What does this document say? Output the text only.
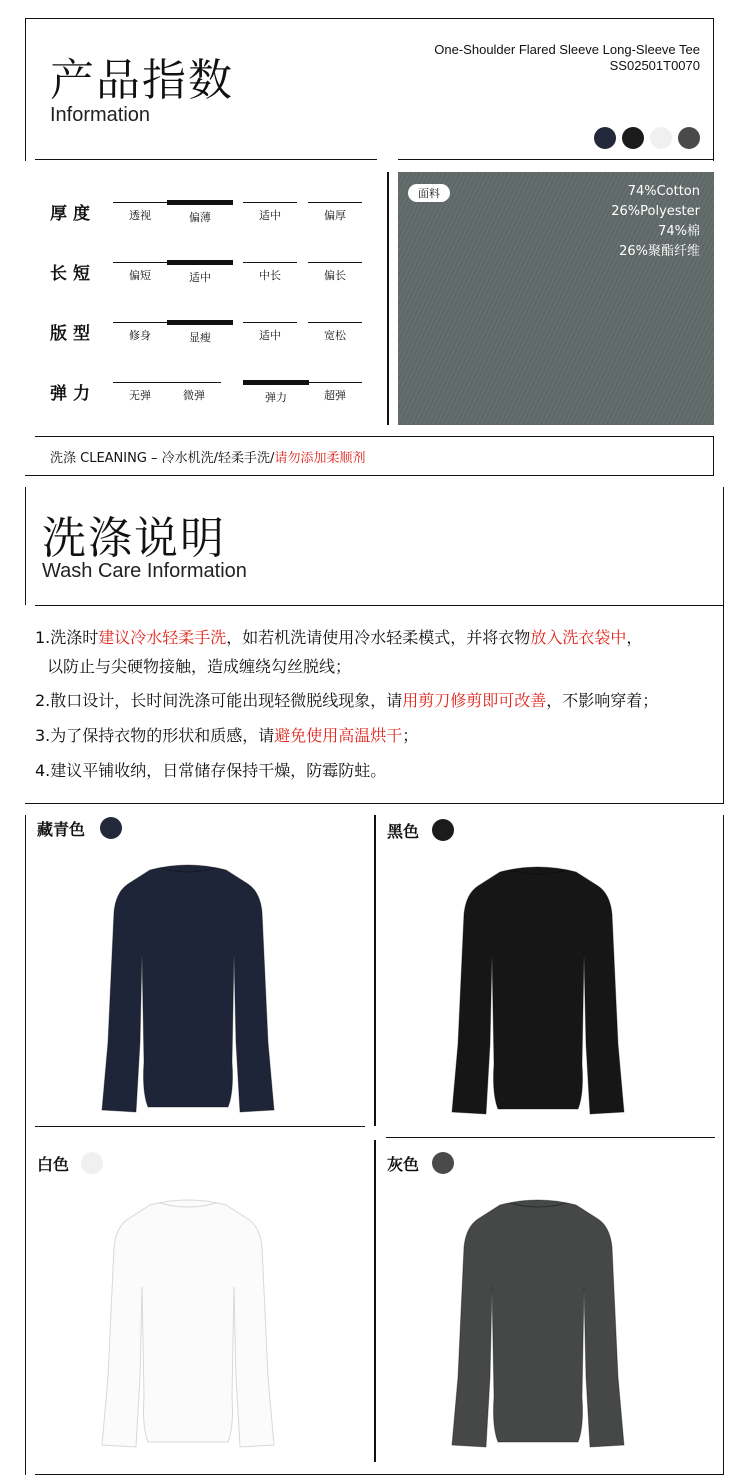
产品指数
Information
One-Shoulder Flared Sleeve Long-Sleeve Tee
SS02501T0070
厚度	透视	偏薄	适中	偏厚
长短	偏短	适中	中长	偏长
版型	修身	显瘦	适中	宽松
弹力	无弹	微弹	弹力	超弹
面料	74%Cotton
26%Polyester
74%棉
26%聚酯纤维
洗涤 CLEANING – 冷水机洗/轻柔手洗/请勿添加柔顺剂
洗涤说明
Wash Care Information
1.洗涤时建议冷水轻柔手洗，如若机洗请使用冷水轻柔模式，并将衣物放入洗衣袋中，
以防止与尖硬物接触，造成缠绕勾丝脱线；
2.散口设计，长时间洗涤可能出现轻微脱线现象，请用剪刀修剪即可改善，不影响穿着；
3.为了保持衣物的形状和质感，请避免使用高温烘干；
4.建议平铺收纳，日常储存保持干燥，防霉防蛀。
藏青色	黑色
白色	灰色
